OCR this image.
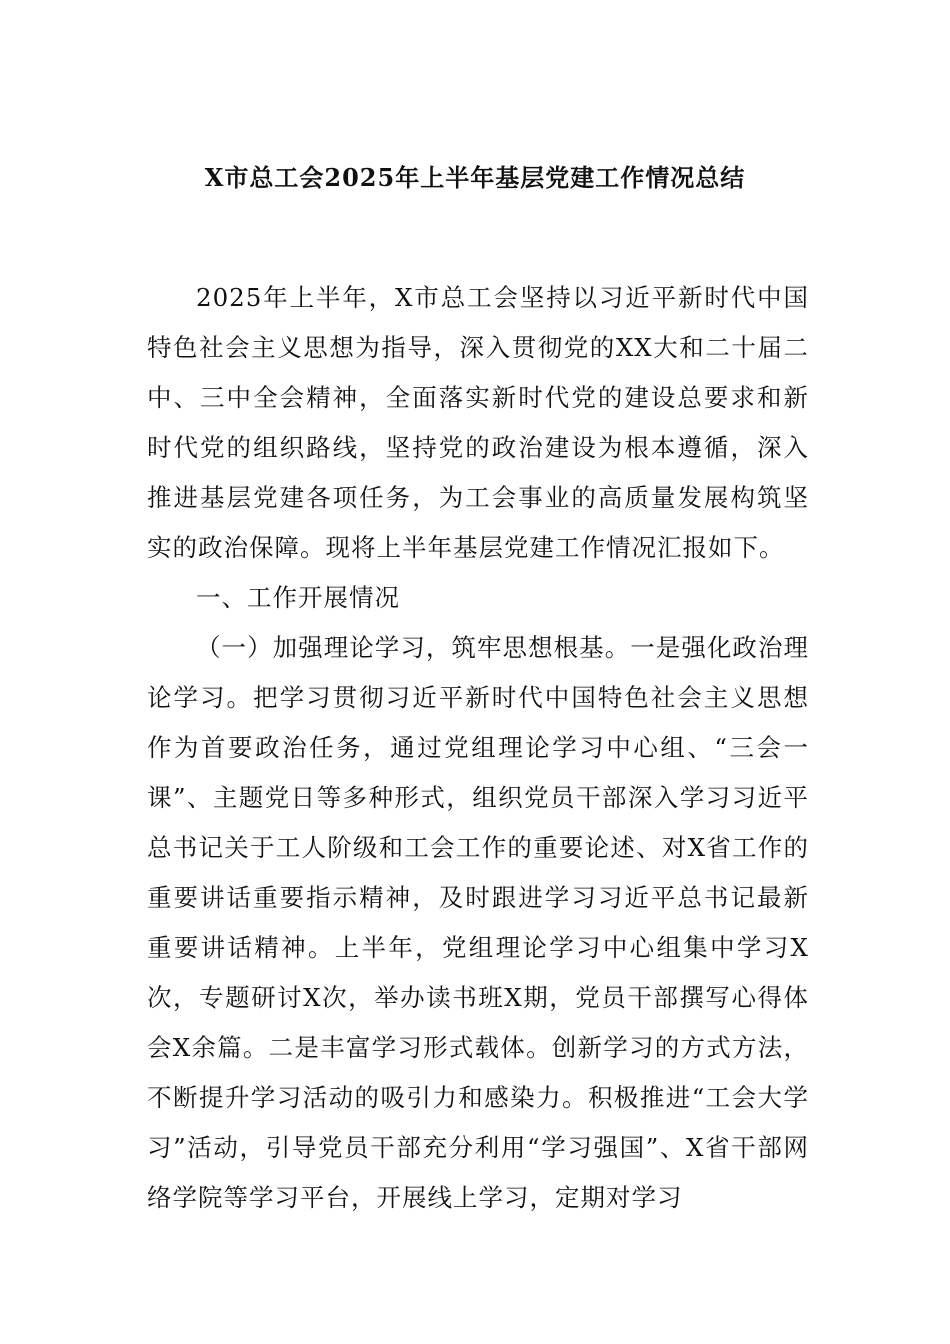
X市总工会2025年上半年基层党建工作情况总结

2025年上半年，X市总工会坚持以习近平新时代中国特色社会主义思想为指导，深入贯彻党的XX大和二十届二中、三中全会精神，全面落实新时代党的建设总要求和新时代党的组织路线，坚持党的政治建设为根本遵循，深入推进基层党建各项任务，为工会事业的高质量发展构筑坚实的政治保障。现将上半年基层党建工作情况汇报如下。

一、工作开展情况

（一）加强理论学习，筑牢思想根基。一是强化政治理论学习。把学习贯彻习近平新时代中国特色社会主义思想作为首要政治任务，通过党组理论学习中心组、“三会一课”、主题党日等多种形式，组织党员干部深入学习习近平总书记关于工人阶级和工会工作的重要论述、对X省工作的重要讲话重要指示精神，及时跟进学习习近平总书记最新重要讲话精神。上半年，党组理论学习中心组集中学习X次，专题研讨X次，举办读书班X期，党员干部撰写心得体会X余篇。二是丰富学习形式载体。创新学习的方式方法，不断提升学习活动的吸引力和感染力。积极推进“工会大学习”活动，引导党员干部充分利用“学习强国”、X省干部网络学院等学习平台，开展线上学习，定期对学习
